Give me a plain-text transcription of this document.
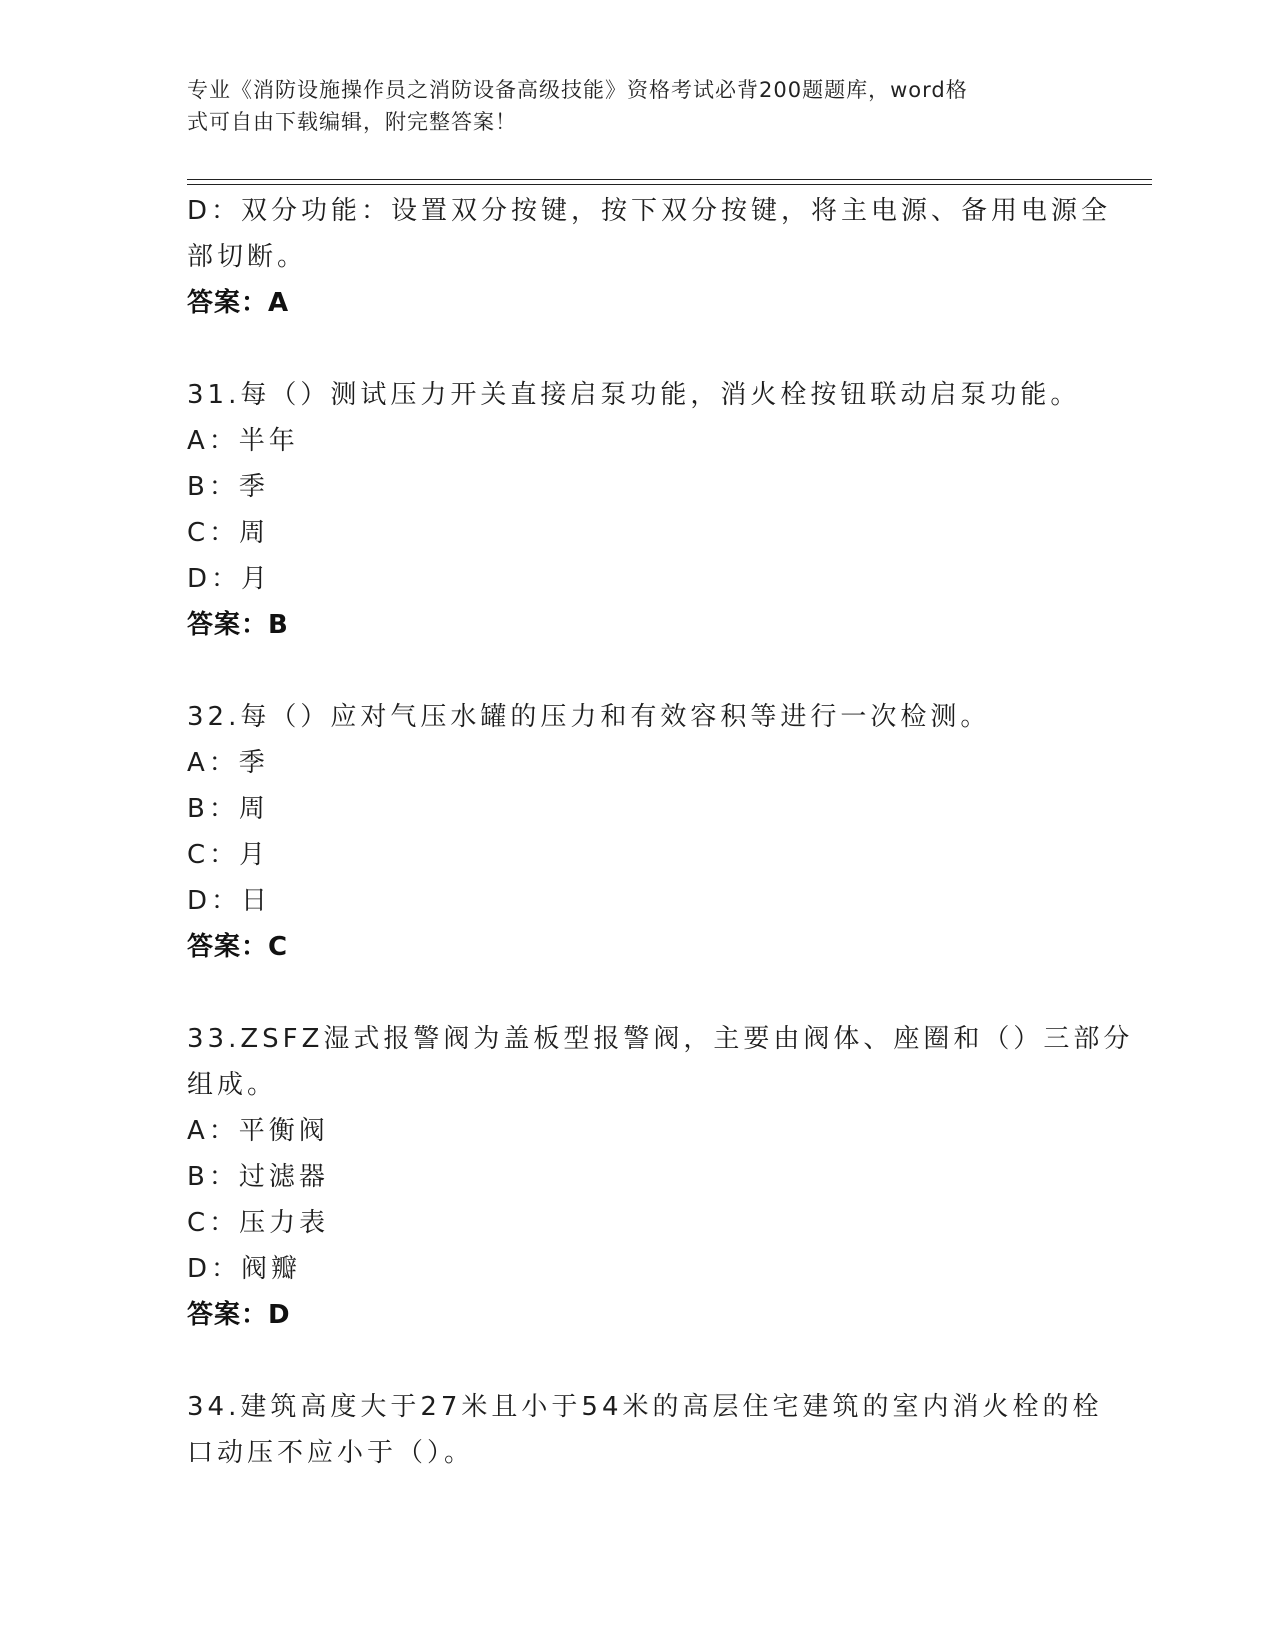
专业《消防设施操作员之消防设备高级技能》资格考试必背200题题库，word格
式可自由下载编辑，附完整答案！
D：双分功能：设置双分按键，按下双分按键，将主电源、备用电源全
部切断。
答案：A
31.每（）测试压力开关直接启泵功能，消火栓按钮联动启泵功能。
A：半年
B：季
C：周
D：月
答案：B
32.每（）应对气压水罐的压力和有效容积等进行一次检测。
A：季
B：周
C：月
D：日
答案：C
33.ZSFZ湿式报警阀为盖板型报警阀，主要由阀体、座圈和（）三部分
组成。
A：平衡阀
B：过滤器
C：压力表
D：阀瓣
答案：D
34.建筑高度大于27米且小于54米的高层住宅建筑的室内消火栓的栓
口动压不应小于（）。
